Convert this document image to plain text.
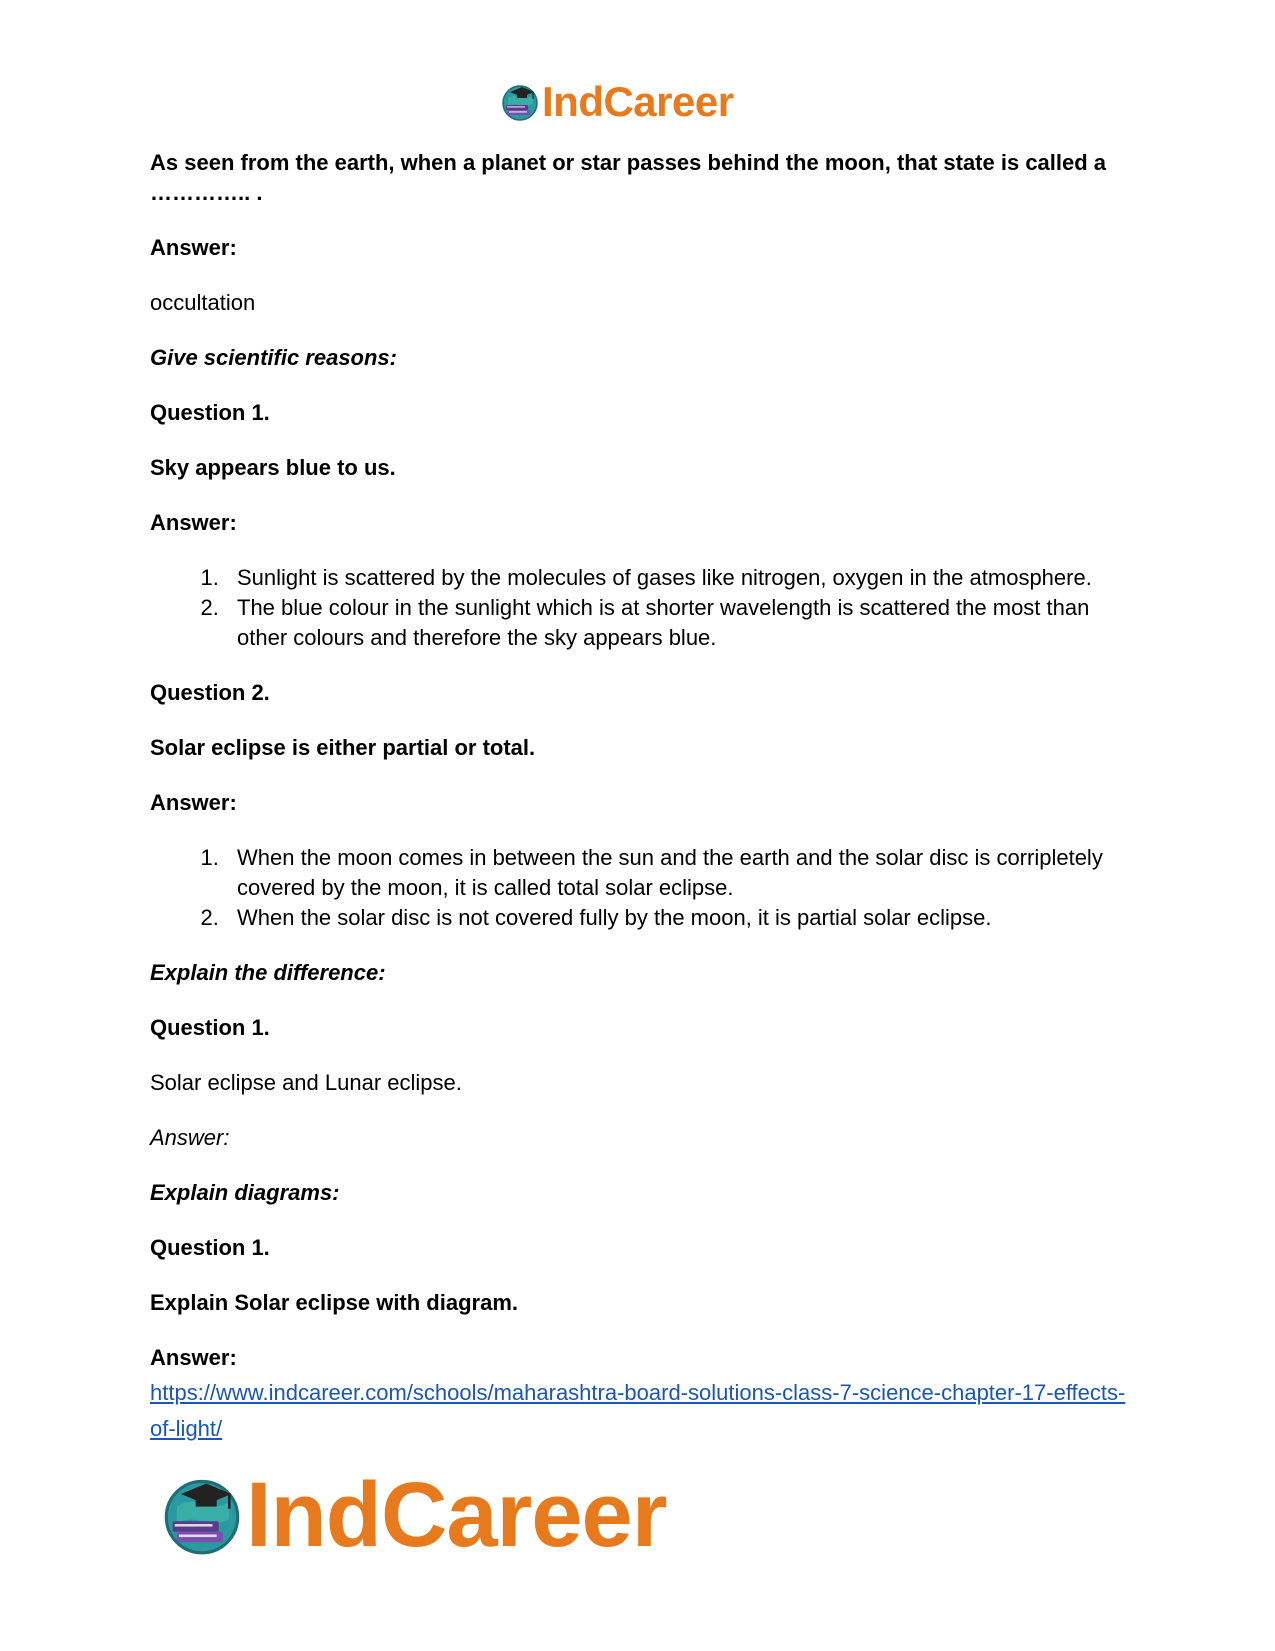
IndCareer

As seen from the earth, when a planet or star passes behind the moon, that state is called a ………….. .

Answer:

occultation

Give scientific reasons:

Question 1.

Sky appears blue to us.

Answer:

1. Sunlight is scattered by the molecules of gases like nitrogen, oxygen in the atmosphere.
2. The blue colour in the sunlight which is at shorter wavelength is scattered the most than other colours and therefore the sky appears blue.

Question 2.

Solar eclipse is either partial or total.

Answer:

1. When the moon comes in between the sun and the earth and the solar disc is corripletely covered by the moon, it is called total solar eclipse.
2. When the solar disc is not covered fully by the moon, it is partial solar eclipse.

Explain the difference:

Question 1.

Solar eclipse and Lunar eclipse.

Answer:

Explain diagrams:

Question 1.

Explain Solar eclipse with diagram.

Answer:

https://www.indcareer.com/schools/maharashtra-board-solutions-class-7-science-chapter-17-effects-of-light/

IndCareer
